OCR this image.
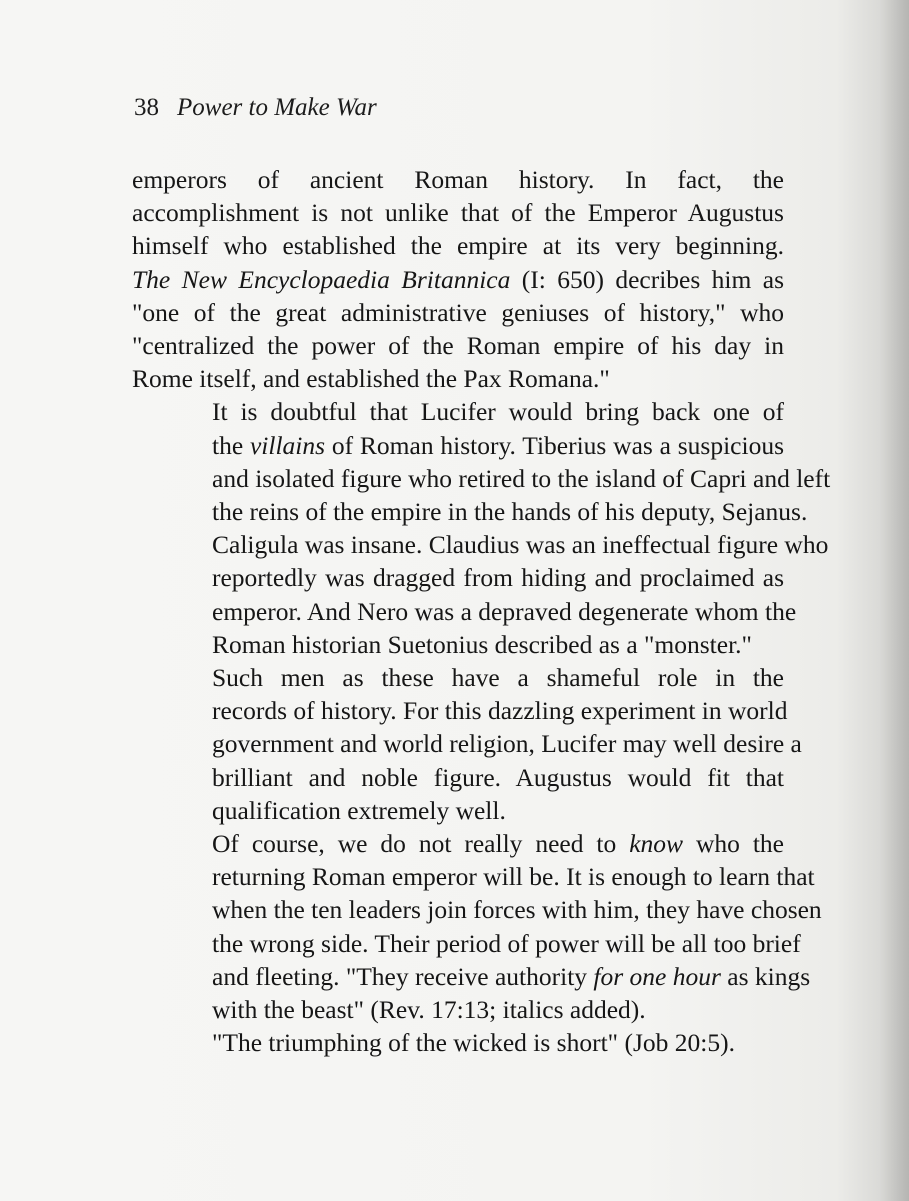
38 Power to Make War

emperors of ancient Roman history. In fact, the
accomplishment is not unlike that of the Emperor Augustus
himself who established the empire at its very beginning.
The New Encyclopaedia Britannica (I: 650) decribes him as
"one of the great administrative geniuses of history," who
"centralized the power of the Roman empire of his day in
Rome itself, and established the Pax Romana."

It is doubtful that Lucifer would bring back one of
the villains of Roman history. Tiberius was a suspicious
and isolated figure who retired to the island of Capri and left
the reins of the empire in the hands of his deputy, Sejanus.
Caligula was insane. Claudius was an ineffectual figure who
reportedly was dragged from hiding and proclaimed as
emperor. And Nero was a depraved degenerate whom the
Roman historian Suetonius described as a "monster."

Such men as these have a shameful role in the
records of history. For this dazzling experiment in world
government and world religion, Lucifer may well desire a
brilliant and noble figure. Augustus would fit that
qualification extremely well.

Of course, we do not really need to know who the
returning Roman emperor will be. It is enough to learn that
when the ten leaders join forces with him, they have chosen
the wrong side. Their period of power will be all too brief
and fleeting. "They receive authority for one hour as kings
with the beast" (Rev. 17:13; italics added).

"The triumphing of the wicked is short" (Job 20:5).
